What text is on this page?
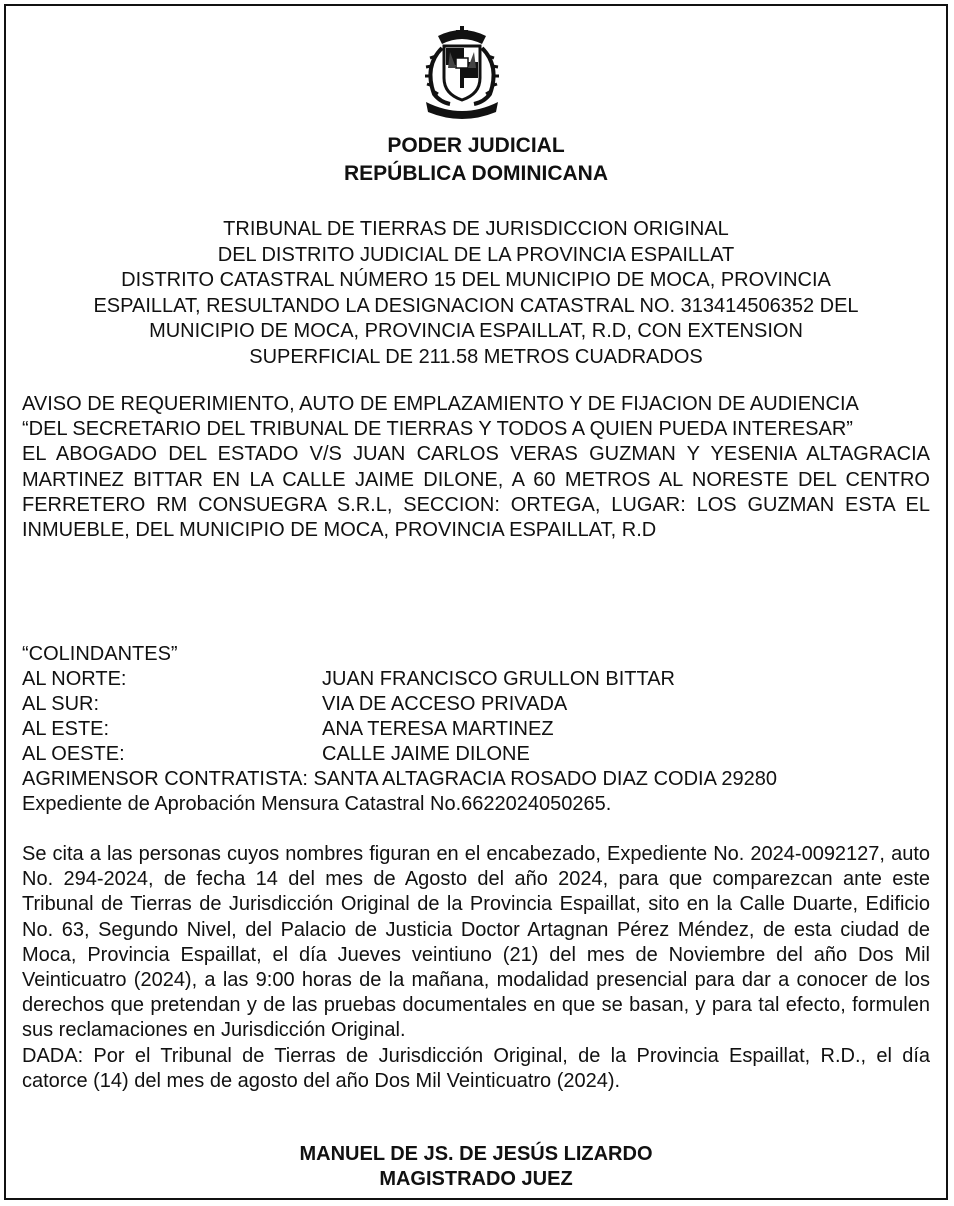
PODER JUDICIAL
REPÚBLICA DOMINICANA
TRIBUNAL DE TIERRAS DE JURISDICCION ORIGINAL
DEL DISTRITO JUDICIAL DE LA PROVINCIA ESPAILLAT
DISTRITO CATASTRAL NÚMERO 15 DEL MUNICIPIO DE MOCA, PROVINCIA
ESPAILLAT, RESULTANDO LA DESIGNACION CATASTRAL NO. 313414506352 DEL
MUNICIPIO DE MOCA, PROVINCIA ESPAILLAT, R.D, CON EXTENSION
SUPERFICIAL DE 211.58 METROS CUADRADOS
AVISO DE REQUERIMIENTO, AUTO DE EMPLAZAMIENTO Y DE FIJACION DE AUDIENCIA
“DEL SECRETARIO DEL TRIBUNAL DE TIERRAS Y TODOS A QUIEN PUEDA INTERESAR”
EL ABOGADO DEL ESTADO V/S JUAN CARLOS VERAS GUZMAN Y YESENIA ALTAGRACIA MARTINEZ BITTAR EN LA CALLE JAIME DILONE, A 60 METROS AL NORESTE DEL CENTRO FERRETERO RM CONSUEGRA S.R.L, SECCION: ORTEGA, LUGAR: LOS GUZMAN ESTA EL INMUEBLE, DEL MUNICIPIO DE MOCA, PROVINCIA ESPAILLAT, R.D
“COLINDANTES”
AL NORTE:	JUAN FRANCISCO GRULLON BITTAR
AL SUR:	VIA DE ACCESO PRIVADA
AL ESTE:	ANA TERESA MARTINEZ
AL OESTE:	CALLE JAIME DILONE
AGRIMENSOR CONTRATISTA: SANTA ALTAGRACIA ROSADO DIAZ CODIA 29280
Expediente de Aprobación Mensura Catastral No.6622024050265.
Se cita a las personas cuyos nombres figuran en el encabezado, Expediente No. 2024-0092127, auto No. 294-2024, de fecha 14 del mes de Agosto del año 2024, para que comparezcan ante este Tribunal de Tierras de Jurisdicción Original de la Provincia Espaillat, sito en la Calle Duarte, Edificio No. 63, Segundo Nivel, del Palacio de Justicia Doctor Artagnan Pérez Méndez, de esta ciudad de Moca, Provincia Espaillat, el día Jueves veintiuno (21) del mes de Noviembre del año Dos Mil Veinticuatro (2024), a las 9:00 horas de la mañana, modalidad presencial para dar a conocer de los derechos que pretendan y de las pruebas documentales en que se basan, y para tal efecto, formulen sus reclamaciones en Jurisdicción Original.
DADA: Por el Tribunal de Tierras de Jurisdicción Original, de la Provincia Espaillat, R.D., el día catorce (14) del mes de agosto del año Dos Mil Veinticuatro (2024).
MANUEL DE JS. DE JESÚS LIZARDO
MAGISTRADO JUEZ
